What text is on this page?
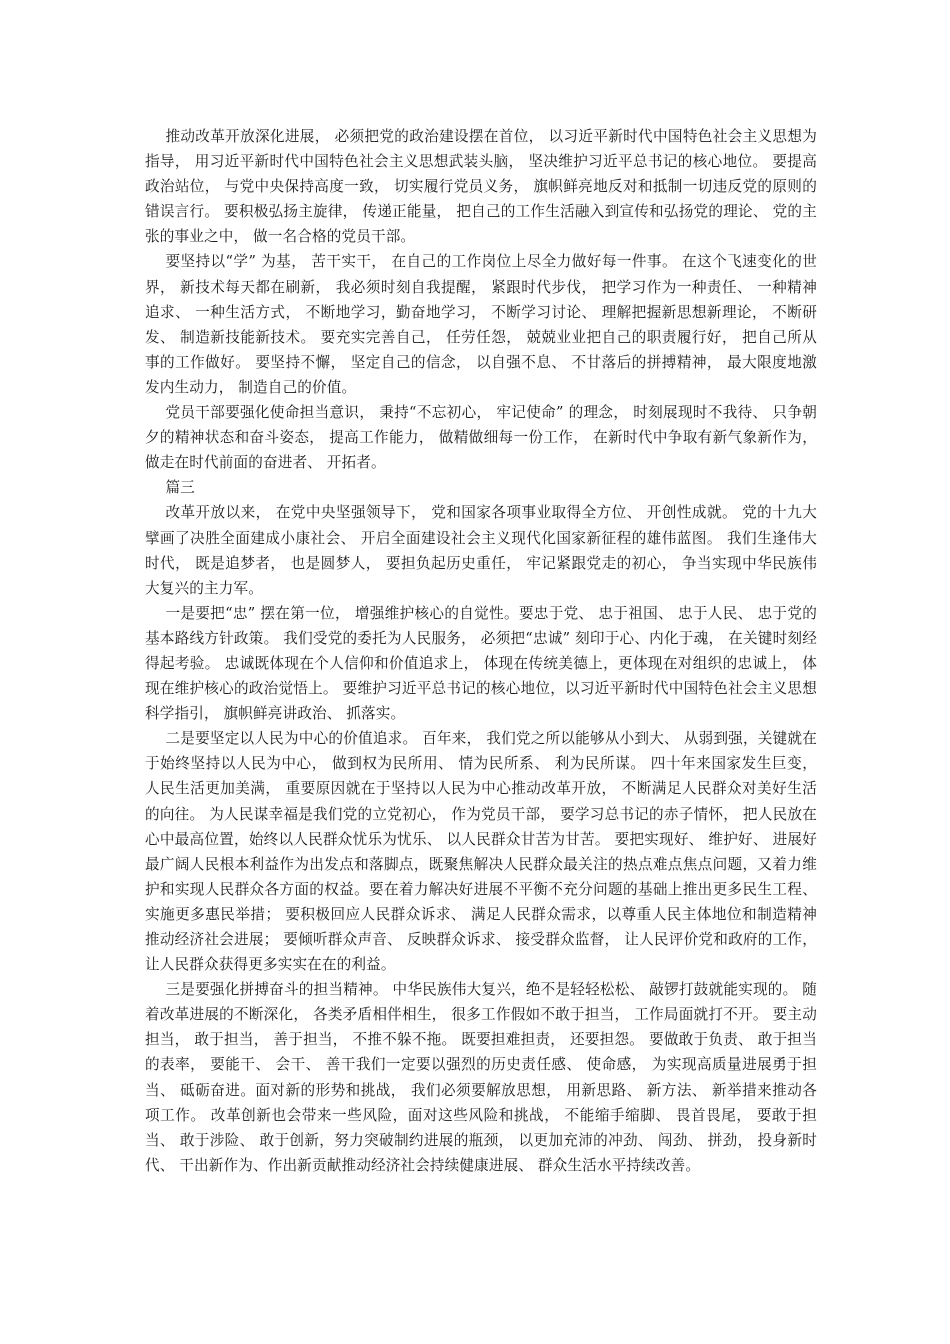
推动改革开放深化进展， 必须把党的政治建设摆在首位， 以习近平新时代中国特色社会主义思想为指导， 用习近平新时代中国特色社会主义思想武装头脑， 坚决维护习近平总书记的核心地位。 要提高政治站位， 与党中央保持高度一致， 切实履行党员义务， 旗帜鲜亮地反对和抵制一切违反党的原则的错误言行。 要积极弘扬主旋律， 传递正能量， 把自己的工作生活融入到宣传和弘扬党的理论、 党的主张的事业之中， 做一名合格的党员干部。

要坚持以“学” 为基， 苦干实干， 在自己的工作岗位上尽全力做好每一件事。 在这个飞速变化的世界， 新技术每天都在刷新， 我必须时刻自我提醒， 紧跟时代步伐， 把学习作为一种责任、 一种精神追求、 一种生活方式， 不断地学习，勤奋地学习， 不断学习讨论、 理解把握新思想新理论， 不断研发、 制造新技能新技术。 要充实完善自己， 任劳任怨， 兢兢业业把自己的职责履行好， 把自己所从事的工作做好。 要坚持不懈， 坚定自己的信念， 以自强不息、 不甘落后的拼搏精神， 最大限度地激发内生动力， 制造自己的价值。

党员干部要强化使命担当意识， 秉持“不忘初心， 牢记使命” 的理念， 时刻展现时不我待、 只争朝夕的精神状态和奋斗姿态， 提高工作能力， 做精做细每一份工作， 在新时代中争取有新气象新作为， 做走在时代前面的奋进者、 开拓者。

篇三

改革开放以来， 在党中央坚强领导下， 党和国家各项事业取得全方位、 开创性成就。 党的十九大擘画了决胜全面建成小康社会、 开启全面建设社会主义现代化国家新征程的雄伟蓝图。 我们生逢伟大时代， 既是追梦者， 也是圆梦人， 要担负起历史重任， 牢记紧跟党走的初心， 争当实现中华民族伟大复兴的主力军。

一是要把“忠” 摆在第一位， 增强维护核心的自觉性。要忠于党、 忠于祖国、 忠于人民、 忠于党的基本路线方针政策。 我们受党的委托为人民服务， 必须把“忠诚” 刻印于心、内化于魂， 在关键时刻经得起考验。 忠诚既体现在个人信仰和价值追求上， 体现在传统美德上，更体现在对组织的忠诚上， 体现在维护核心的政治觉悟上。 要维护习近平总书记的核心地位，以习近平新时代中国特色社会主义思想科学指引， 旗帜鲜亮讲政治、 抓落实。

二是要坚定以人民为中心的价值追求。 百年来， 我们党之所以能够从小到大、 从弱到强，关键就在于始终坚持以人民为中心， 做到权为民所用、 情为民所系、 利为民所谋。 四十年来国家发生巨变， 人民生活更加美满， 重要原因就在于坚持以人民为中心推动改革开放， 不断满足人民群众对美好生活的向往。 为人民谋幸福是我们党的立党初心， 作为党员干部， 要学习总书记的赤子情怀， 把人民放在心中最高位置，始终以人民群众忧乐为忧乐、 以人民群众甘苦为甘苦。 要把实现好、 维护好、 进展好最广阔人民根本利益作为出发点和落脚点，既聚焦解决人民群众最关注的热点难点焦点问题，又着力维护和实现人民群众各方面的权益。要在着力解决好进展不平衡不充分问题的基础上推出更多民生工程、 实施更多惠民举措； 要积极回应人民群众诉求、 满足人民群众需求，以尊重人民主体地位和制造精神推动经济社会进展； 要倾听群众声音、 反映群众诉求、 接受群众监督， 让人民评价党和政府的工作， 让人民群众获得更多实实在在的利益。

三是要强化拼搏奋斗的担当精神。 中华民族伟大复兴，绝不是轻轻松松、 敲锣打鼓就能实现的。 随着改革进展的不断深化， 各类矛盾相伴相生， 很多工作假如不敢于担当， 工作局面就打不开。 要主动担当， 敢于担当， 善于担当， 不推不躲不拖。 既要担难担责， 还要担怨。 要做敢于负责、 敢于担当的表率， 要能干、 会干、 善干我们一定要以强烈的历史责任感、 使命感， 为实现高质量进展勇于担当、 砥砺奋进。面对新的形势和挑战， 我们必须要解放思想， 用新思路、 新方法、 新举措来推动各项工作。 改革创新也会带来一些风险，面对这些风险和挑战， 不能缩手缩脚、 畏首畏尾， 要敢于担当、 敢于涉险、 敢于创新，努力突破制约进展的瓶颈， 以更加充沛的冲劲、 闯劲、 拼劲， 投身新时代、 干出新作为、作出新贡献推动经济社会持续健康进展、 群众生活水平持续改善。
